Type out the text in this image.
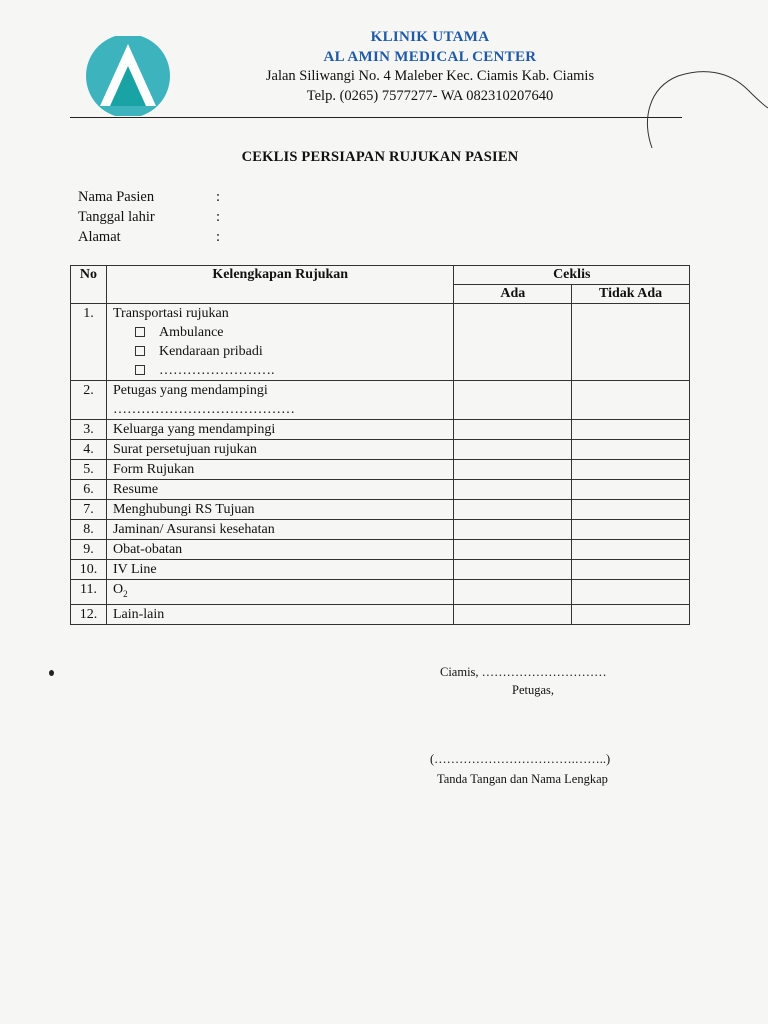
KLINIK UTAMA
AL AMIN MEDICAL CENTER
Jalan Siliwangi No. 4 Maleber Kec. Ciamis Kab. Ciamis
Telp. (0265) 7577277- WA 082310207640
CEKLIS PERSIAPAN RUJUKAN PASIEN
Nama Pasien	:
Tanggal lahir	:
Alamat	:
No	Kelengkapan Rujukan	Ceklis	
		Ada	Tidak Ada
1.	Transportasi rujukan
Ambulance
Kendaraan pribadi
…………………….		

2.	Petugas yang mendampingi
…………………………………		

3.	Keluarga yang mendampingi		
4.	Surat persetujuan rujukan		
5.	Form Rujukan		
6.	Resume		
7.	Menghubungi RS Tujuan		
8.	Jaminan/ Asuransi kesehatan		
9.	Obat-obatan		
10.	IV Line		
11.	$O_2$		
12.	Lain-lain		
Ciamis, …………………………
Petugas,
(…………………………….……..)
Tanda Tangan dan Nama Lengkap
